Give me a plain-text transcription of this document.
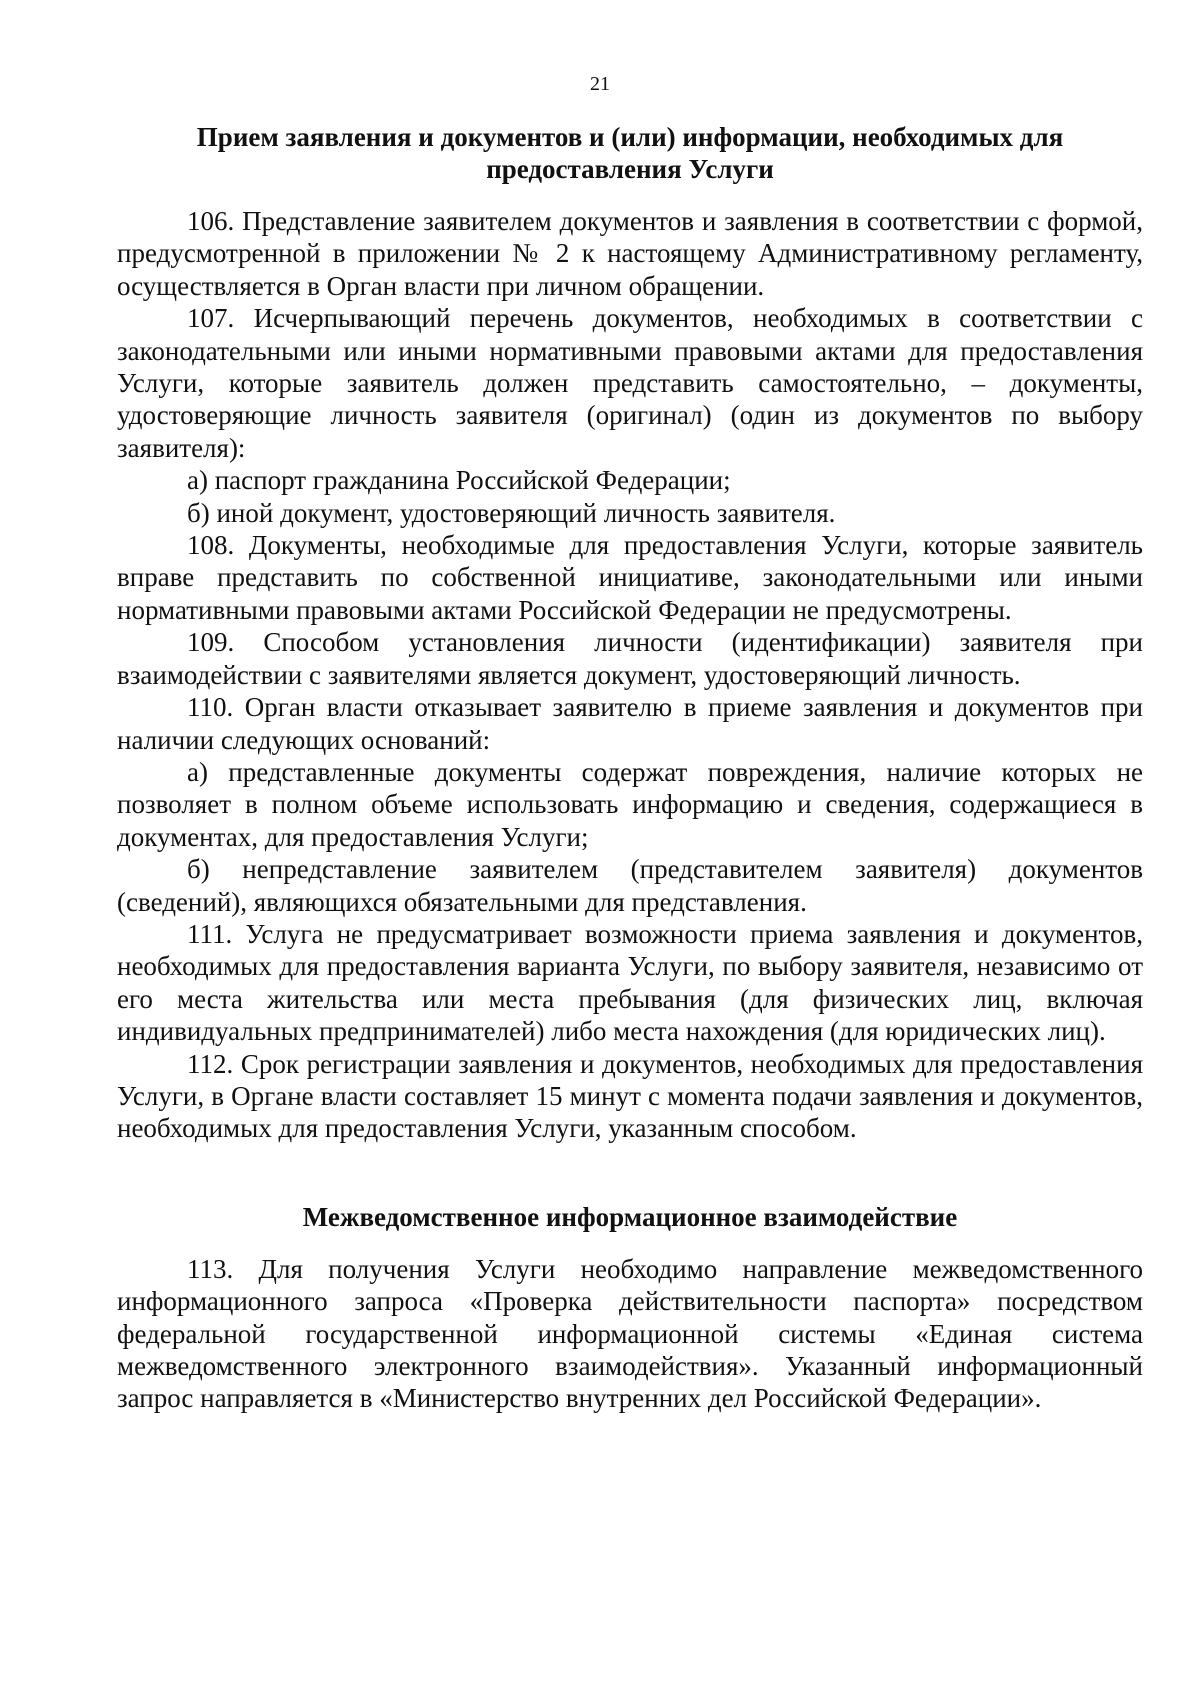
21
Прием заявления и документов и (или) информации, необходимых для
предоставления Услуги

106. Представление заявителем документов и заявления в соответствии с формой, предусмотренной в приложении № 2 к настоящему Административному регламенту, осуществляется в Орган власти при личном обращении.

107. Исчерпывающий перечень документов, необходимых в соответствии с законодательными или иными нормативными правовыми актами для предоставления Услуги, которые заявитель должен представить самостоятельно, – документы, удостоверяющие личность заявителя (оригинал) (один из документов по выбору заявителя):

а) паспорт гражданина Российской Федерации;

б) иной документ, удостоверяющий личность заявителя.

108. Документы, необходимые для предоставления Услуги, которые заявитель вправе представить по собственной инициативе, законодательными или иными нормативными правовыми актами Российской Федерации не предусмотрены.

109. Способом установления личности (идентификации) заявителя при взаимодействии с заявителями является документ, удостоверяющий личность.

110. Орган власти отказывает заявителю в приеме заявления и документов при наличии следующих оснований:

а) представленные документы содержат повреждения, наличие которых не позволяет в полном объеме использовать информацию и сведения, содержащиеся в документах, для предоставления Услуги;

б) непредставление заявителем (представителем заявителя) документов (сведений), являющихся обязательными для представления.

111. Услуга не предусматривает возможности приема заявления и документов, необходимых для предоставления варианта Услуги, по выбору заявителя, независимо от его места жительства или места пребывания (для физических лиц, включая индивидуальных предпринимателей) либо места нахождения (для юридических лиц).

112. Срок регистрации заявления и документов, необходимых для предоставления Услуги, в Органе власти составляет 15 минут с момента подачи заявления и документов, необходимых для предоставления Услуги, указанным способом.

Межведомственное информационное взаимодействие

113. Для получения Услуги необходимо направление межведомственного информационного запроса «Проверка действительности паспорта» посредством федеральной государственной информационной системы «Единая система межведомственного электронного взаимодействия». Указанный информационный запрос направляется в «Министерство внутренних дел Российской Федерации».
